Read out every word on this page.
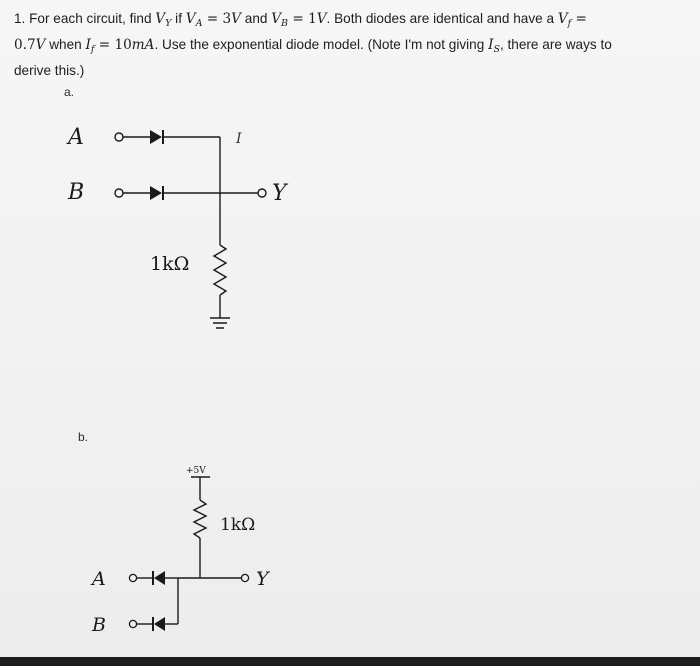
1. For each circuit, find $V_Y$ if $V_A = 3V$ and $V_B = 1V$. Both diodes are identical and have a $V_f$ =
0.7V when $I_f = 10mA$. Use the exponential diode model. (Note I'm not giving $I_S$, there are ways to
derive this.)
a.
A
B	Y
I
1kΩ
b.
+5V
1kΩ
Y
A
B
